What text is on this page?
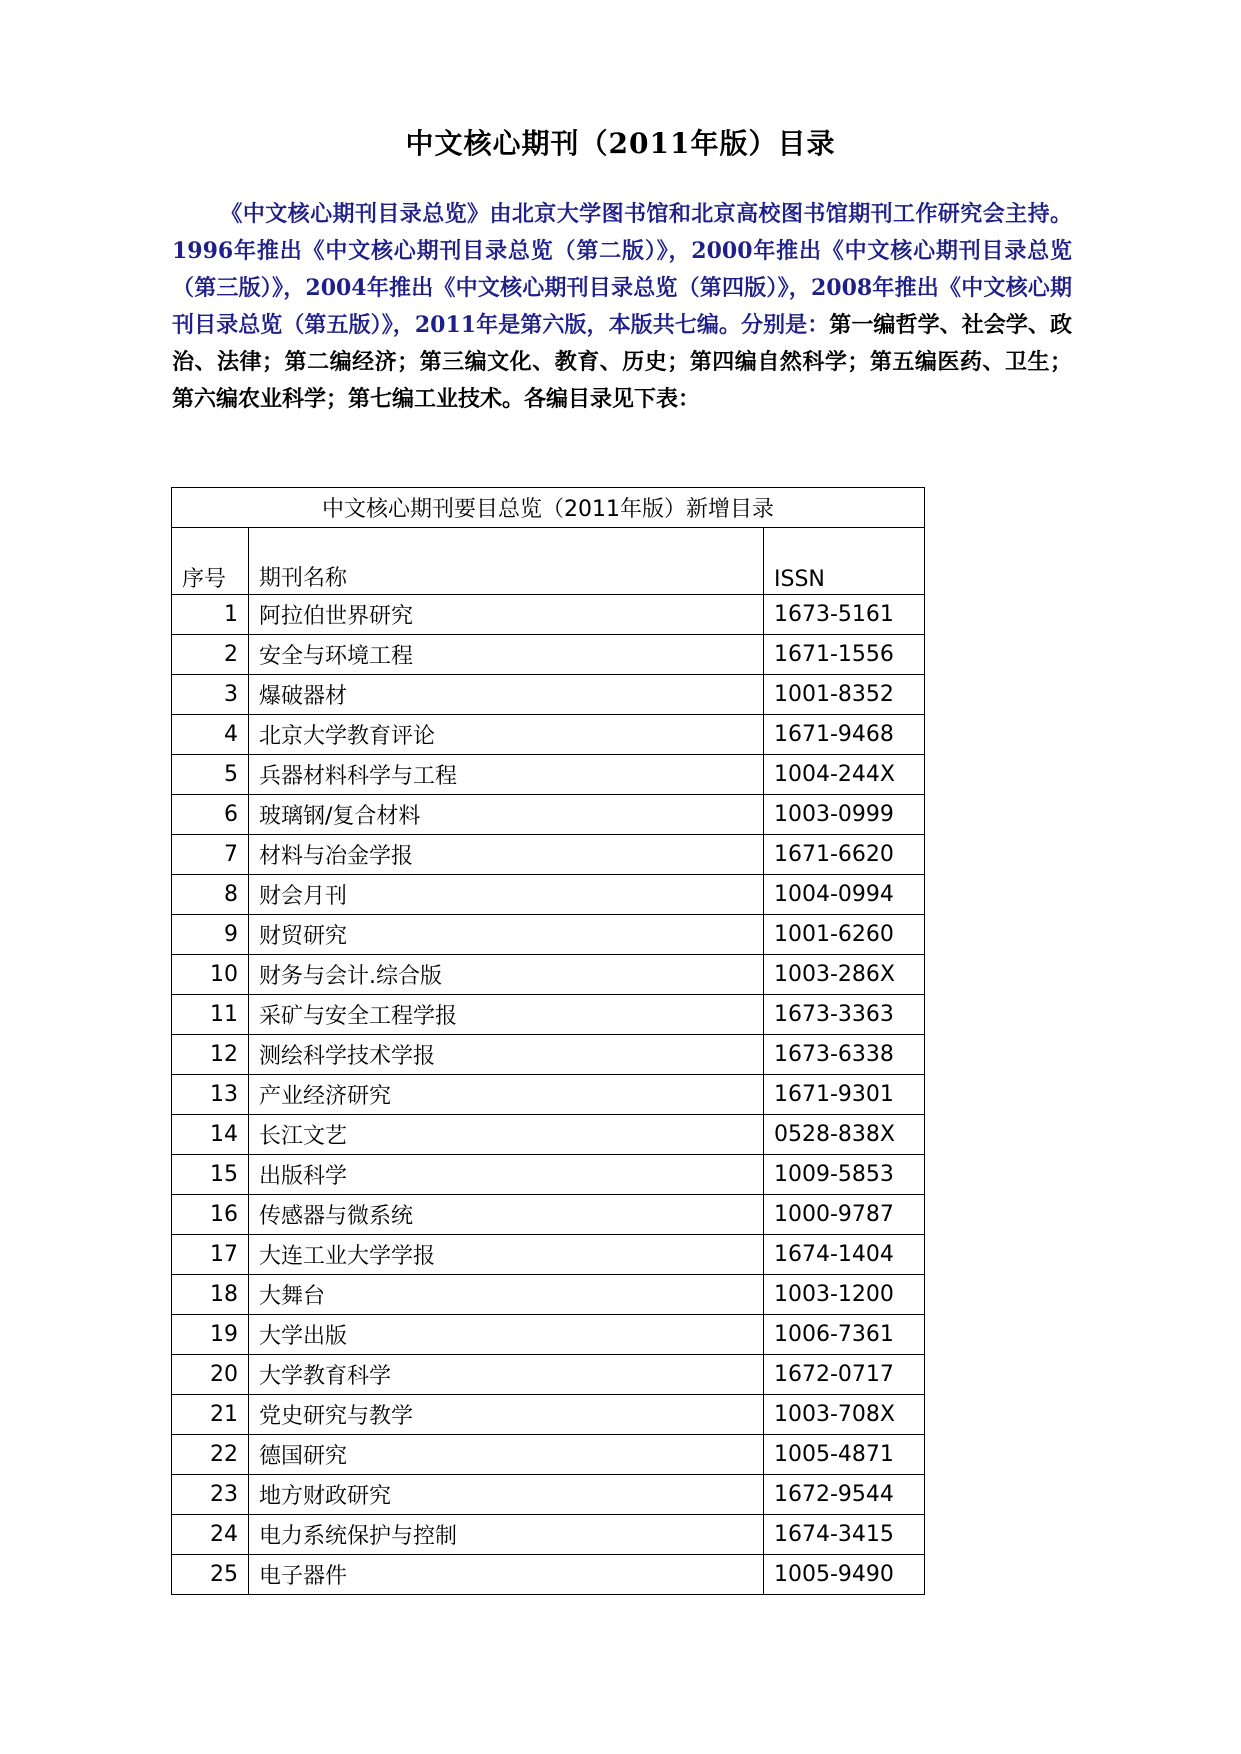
中文核心期刊（2011年版）目录
《中文核心期刊目录总览》由北京大学图书馆和北京高校图书馆期刊工作研究会主持。1996年推出《中文核心期刊目录总览（第二版）》，2000年推出《中文核心期刊目录总览（第三版）》，2004年推出《中文核心期刊目录总览（第四版）》，2008年推出《中文核心期刊目录总览（第五版）》，2011年是第六版，本版共七编。分别是：第一编哲学、社会学、政治、法律；第二编经济；第三编文化、教育、历史；第四编自然科学；第五编医药、卫生；第六编农业科学；第七编工业技术。各编目录见下表：
中文核心期刊要目总览（2011年版）新增目录		
序号	期刊名称	ISSN
1	阿拉伯世界研究	1673-5161
2	安全与环境工程	1671-1556
3	爆破器材	1001-8352
4	北京大学教育评论	1671-9468
5	兵器材料科学与工程	1004-244X
6	玻璃钢/复合材料	1003-0999
7	材料与冶金学报	1671-6620
8	财会月刊	1004-0994
9	财贸研究	1001-6260
10	财务与会计.综合版	1003-286X
11	采矿与安全工程学报	1673-3363
12	测绘科学技术学报	1673-6338
13	产业经济研究	1671-9301
14	长江文艺	0528-838X
15	出版科学	1009-5853
16	传感器与微系统	1000-9787
17	大连工业大学学报	1674-1404
18	大舞台	1003-1200
19	大学出版	1006-7361
20	大学教育科学	1672-0717
21	党史研究与教学	1003-708X
22	德国研究	1005-4871
23	地方财政研究	1672-9544
24	电力系统保护与控制	1674-3415
25	电子器件	1005-9490
